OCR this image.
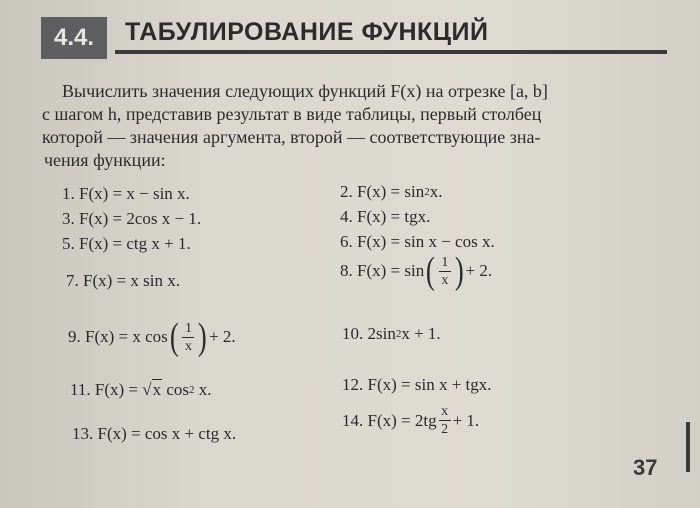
4.4.	ТАБУЛИРОВАНИЕ ФУНКЦИЙ
Вычислить значения следующих функций F(x) на отрезке [a, b]
с шагом h, представив результат в виде таблицы, первый столбец
которой — значения аргумента, второй — соответствующие зна-
чения функции:
1. F(x) = x − sin x.
3. F(x) = 2cos x − 1.
5. F(x) = ctg x + 1.
7. F(x) = x sin x.
9. F(x) = x cos ( $\frac{1}{x}$ ) + 2.
11. F(x) = √ x
cos 2
x.
13. F(x) = cos x + ctg x.
2. F(x) = sin 2 x.
4. F(x) = tgx.
6. F(x) = sin x − cos x.
8. F(x) = sin ( $\frac{1}{x}$ ) + 2.
10. 2sin 2 x + 1.
12. F(x) = sin x + tgx.
14. $F(x) = 2tg \frac{x}{2} + 1$.
37
